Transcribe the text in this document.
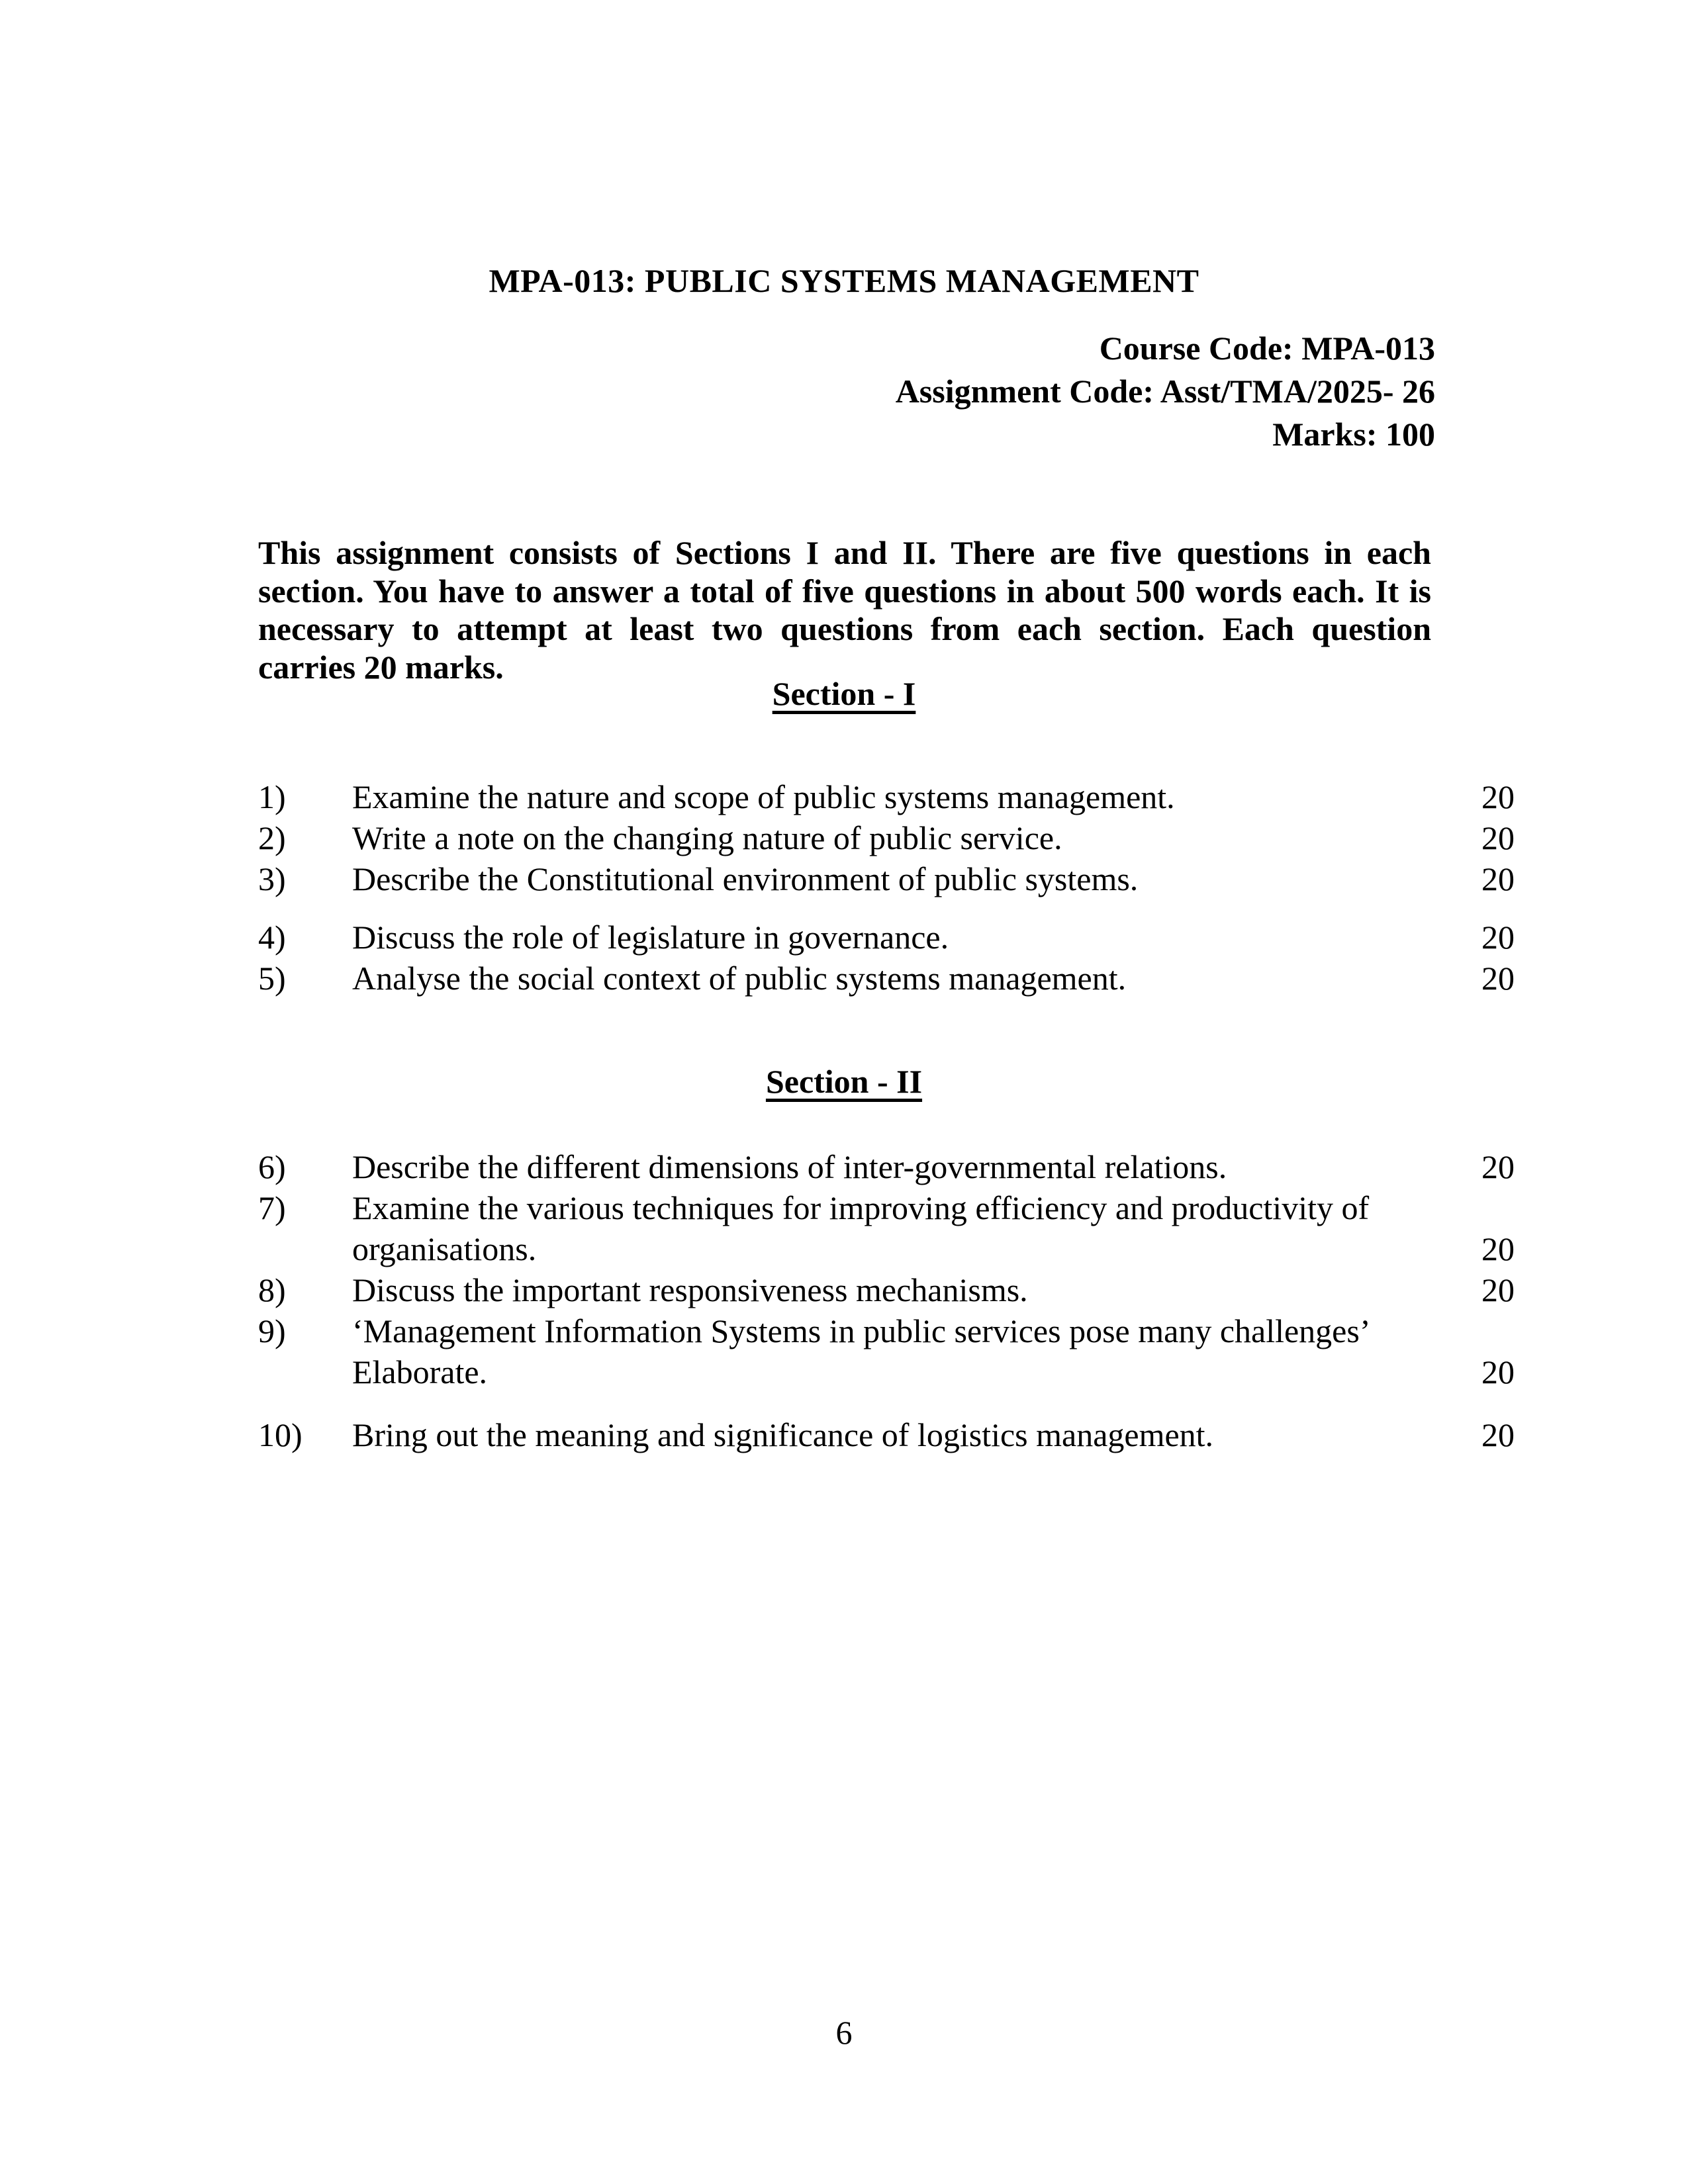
MPA-013: PUBLIC SYSTEMS MANAGEMENT
Course Code: MPA-013
Assignment Code: Asst/TMA/2025- 26
Marks: 100
This assignment consists of Sections I and II. There are five questions in each section. You have to answer a total of five questions in about 500 words each. It is necessary to attempt at least two questions from each section. Each question carries 20 marks.
Section - I
1)	Examine the nature and scope of public systems management.	20
2)	Write a note on the changing nature of public service.	20
3)	Describe the Constitutional environment of public systems.	20
4)	Discuss the role of legislature in governance.	20
5)	Analyse the social context of public systems management.	20
Section - II
6)	Describe the different dimensions of inter-governmental relations.	20
7)	Examine the various techniques for improving efficiency and productivity of organisations.	20
8)	Discuss the important responsiveness mechanisms.	20
9)	‘Management Information Systems in public services pose many challenges’ Elaborate.	20
10)	Bring out the meaning and significance of logistics management.	20
6
